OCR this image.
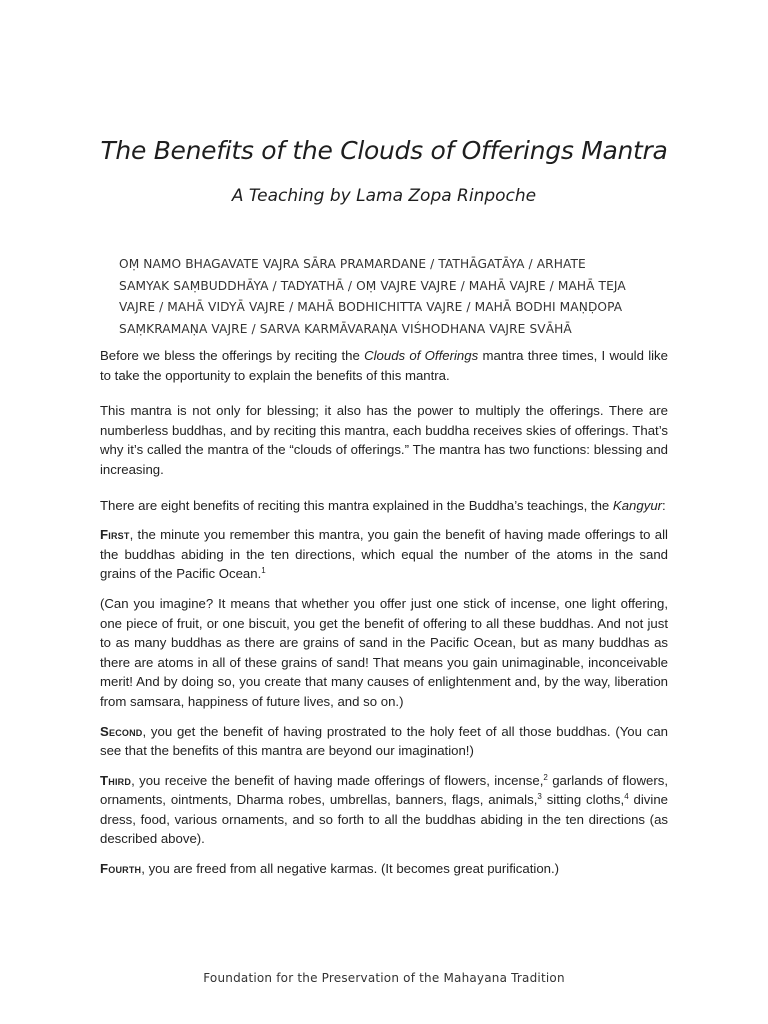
The Benefits of the Clouds of Offerings Mantra
A Teaching by Lama Zopa Rinpoche
OṂ NAMO BHAGAVATE VAJRA SĀRA PRAMARDANE / TATHĀGATĀYA / ARHATE
SAMYAK SAṂBUDDHĀYA / TADYATHĀ / OṂ VAJRE VAJRE / MAHĀ VAJRE / MAHĀ TEJA
VAJRE / MAHĀ VIDYĀ VAJRE / MAHĀ BODHICHITTA VAJRE / MAHĀ BODHI MAṆḌOPA
SAṂKRAMAṆA VAJRE / SARVA KARMĀVARAṆA VIŚHODHANA VAJRE SVĀHĀ

Before we bless the offerings by reciting the Clouds of Offerings mantra three times, I would like to take the opportunity to explain the benefits of this mantra.

This mantra is not only for blessing; it also has the power to multiply the offerings. There are numberless buddhas, and by reciting this mantra, each buddha receives skies of offerings. That’s why it’s called the mantra of the “clouds of offerings.” The mantra has two functions: blessing and increasing.

There are eight benefits of reciting this mantra explained in the Buddha’s teachings, the Kangyur:

First, the minute you remember this mantra, you gain the benefit of having made offerings to all the buddhas abiding in the ten directions, which equal the number of the atoms in the sand grains of the Pacific Ocean.$^1$

(Can you imagine? It means that whether you offer just one stick of incense, one light offering, one piece of fruit, or one biscuit, you get the benefit of offering to all these buddhas. And not just to as many buddhas as there are grains of sand in the Pacific Ocean, but as many buddhas as there are atoms in all of these grains of sand! That means you gain unimaginable, inconceivable merit! And by doing so, you create that many causes of enlightenment and, by the way, liberation from samsara, happiness of future lives, and so on.)

Second, you get the benefit of having prostrated to the holy feet of all those buddhas. (You can see that the benefits of this mantra are beyond our imagination!)

Third, you receive the benefit of having made offerings of flowers, incense,$^2$ garlands of flowers, ornaments, ointments, Dharma robes, umbrellas, banners, flags, animals,$^3$ sitting cloths,$^4$ divine dress, food, various ornaments, and so forth to all the buddhas abiding in the ten directions (as described above).

Fourth, you are freed from all negative karmas. (It becomes great purification.)

Foundation for the Preservation of the Mahayana Tradition
